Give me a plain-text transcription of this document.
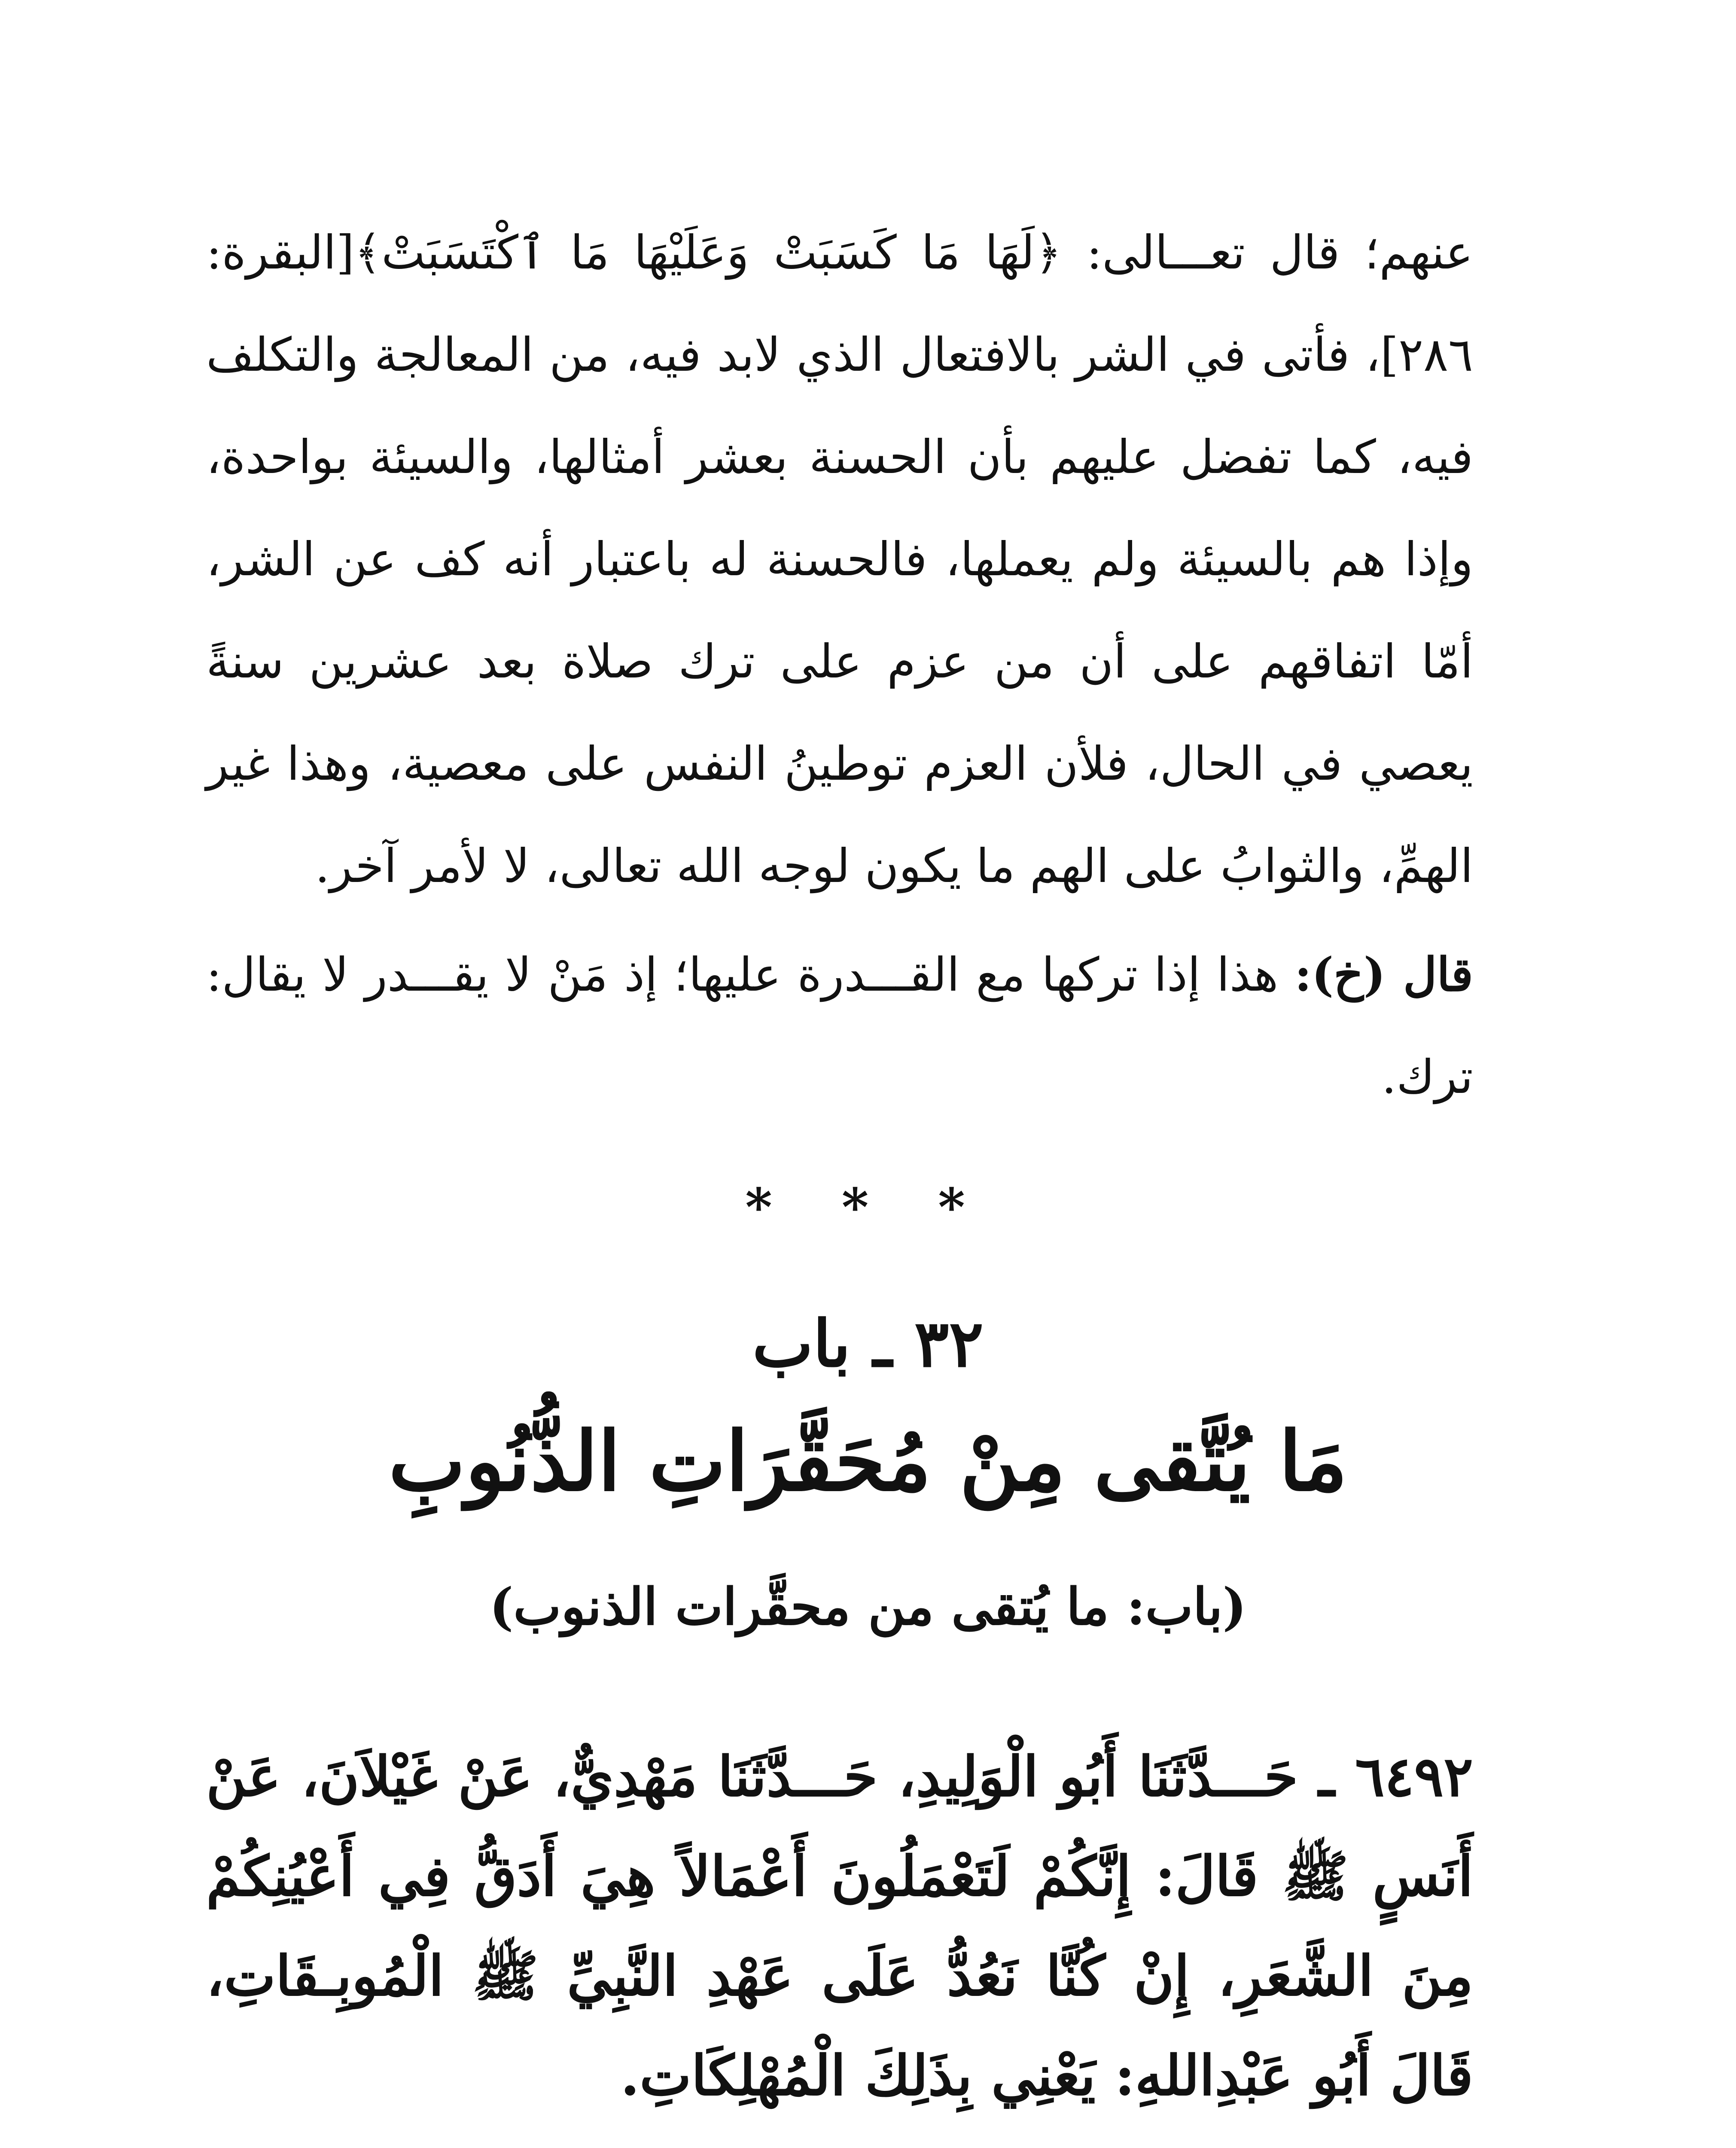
عنهم؛ قال تعـــالى: ﴿لَهَا مَا كَسَبَتْ وَعَلَيْهَا مَا ٱكْتَسَبَتْ﴾[البقرة: ٢٨٦]، فأتى في الشر بالافتعال الذي لابد فيه، من المعالجة والتكلف فيه، كما تفضل عليهم بأن الحسنة بعشر أمثالها، والسيئة بواحدة، وإذا هم بالسيئة ولم يعملها، فالحسنة له باعتبار أنه كف عن الشر، أمّا اتفاقهم على أن من عزم على ترك صلاة بعد عشرين سنةً يعصي في الحال، فلأن العزم توطينُ النفس على معصية، وهذا غير الهمِّ، والثوابُ على الهم ما يكون لوجه الله تعالى، لا لأمر آخر.

قال (خ): هذا إذا تركها مع القـــدرة عليها؛ إذ مَنْ لا يقـــدر لا يقال: ترك.

* * *
٣٢ ـ باب
مَا يُتَّقى مِنْ مُحَقَّرَاتِ الذُّنُوبِ
(باب: ما يُتقى من محقَّرات الذنوب)
٦٤٩٢ ـ حَـــدَّثَنَا أَبُو الْوَلِيدِ، حَـــدَّثَنَا مَهْدِيٌّ، عَنْ غَيْلاَنَ، عَنْ أَنَسٍ ﷺ قَالَ: إِنَّكُمْ لَتَعْمَلُونَ أَعْمَالاً هِيَ أَدَقُّ فِي أَعْيُنِكُمْ مِنَ الشَّعَرِ، إِنْ كُنَّا نَعُدُّ عَلَى عَهْدِ النَّبِيِّ ﷺ الْمُوبِـقَاتِ، قَالَ أَبُو عَبْدِاللهِ: يَعْنِي بِذَلِكَ الْمُهْلِكَاتِ.
